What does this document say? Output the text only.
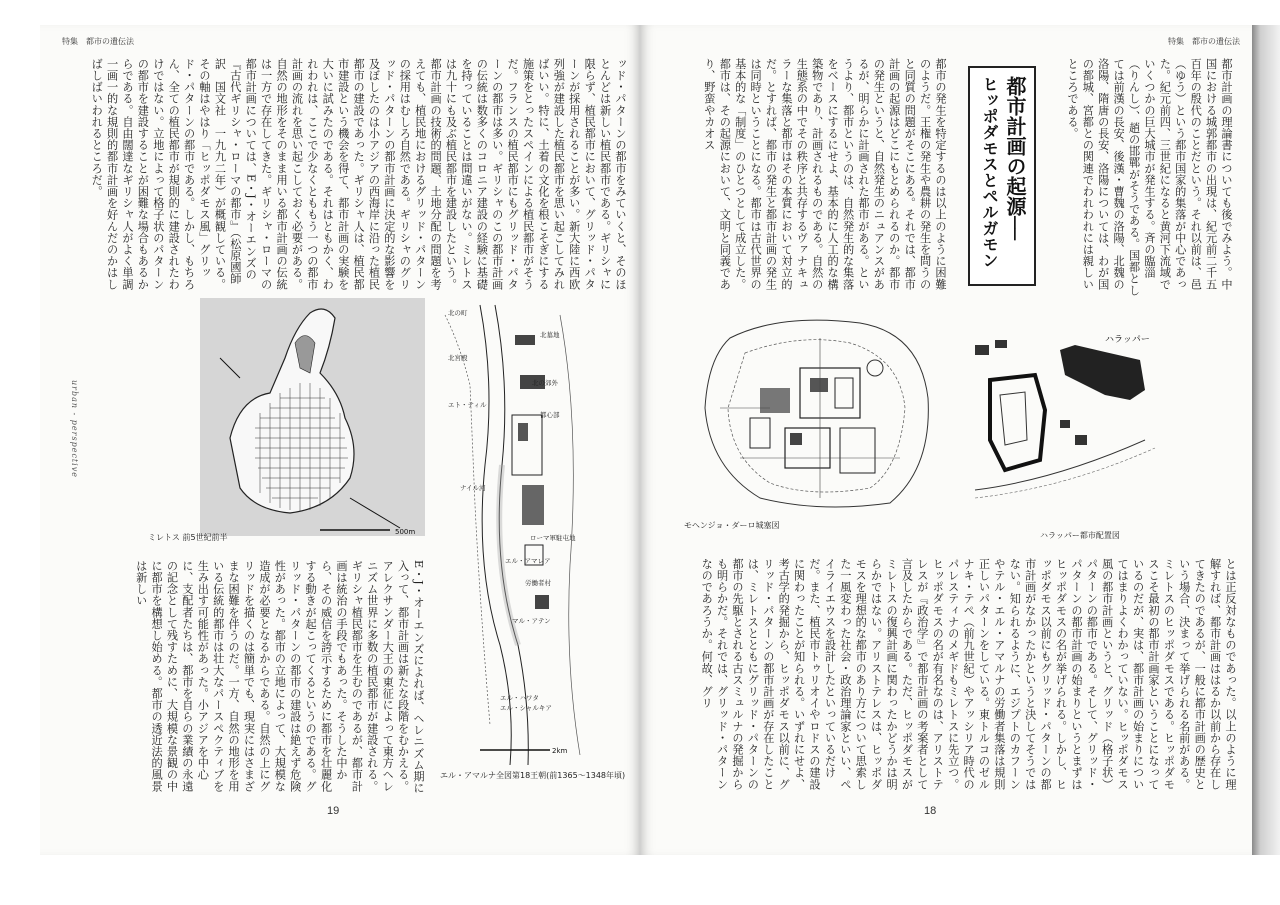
特集　都市の遺伝法	特集　都市の遺伝法
19	18
urban - perspective
都市計画の理論書についても後でみよう。中国における城郭都市の出現は、紀元前二千五百年の殷代のことだという。それ以前は、邑（ゆう）という都市国家的集落が中心であった。紀元前四、三世紀になると黄河下流域でいくつかの巨大城市が発生する。斉の臨淄（りんし）、趙の邯鄲がそうである。国都としては前漢の長安、後漢・曹魏の洛陽、北魏の洛陽、隋唐の長安、洛陽については、わが国の都城、宮都との関連でわれわれには親しいところである。
都市計画の起源──
ヒッポダモスとペルガモン
都市の発生を特定するのは以上のように困難のようだ。王権の発生や農耕の発生を問うのと同質の問題がそこにある。それでは、都市計画の起源はどこにもとめられるのか。都市の発生というと、自然発生のニュアンスがあるが、明らかに計画された都市がある。というより、都市というのは、自然発生的な集落をベースにするにせよ、基本的に人工的な構築物であり、計画されるものである。自然の生態系の中でその秩序と共存するヴァナキュラーな集落と都市はその本質において対立的だ。とすれば、都市の発生と都市計画の発生は同時ということになる。都市は古代世界の基本的な「制度」のひとつとして成立した。都市は、その起源において、文明と同義であり、野蛮やカオス
モヘンジョ・ダーロ城塞図
ハラッパー
ハラッパー都市配置図
とは正反対なものであった。以上のように理解すれば、都市計画ははるか以前から存在してきたのであるが、一般に都市計画の歴史という場合、決まって挙げられる名前がある。ミレトスのヒッポダモスである。ヒッポダモスこそ最初の都市計画家ということになっているのだが、実は、都市計画の始まりについてはまりよくわかっていない。ヒッポダモス風の都市計画というと、グリッド（格子状）パターンの都市である。そして、グリッド・パターンの都市計画の始まりというとまずはヒッポダモスの名が挙げられる。しかし、ヒッポダモス以前にもグリッド・パターンの都市計画がなかったかというと決してそうではない。知られるように、エジプトのカフーンやテル・エル・アマルナの労働者集落は規則正しいパターンをしている。東トルコのゼルナキ・テペ（前九世紀）やアッシリア時代のパレスティナのメギドもミレトスに先立つ。ヒッポダモスの名が有名なのは、アリストテレスが『政治学』で都市計画の考案者として言及したからである。ただ、ヒッポダモスがミレトスの復興計画に関わったかどうかは明らかではない。アリストテレスは、ヒッポダモスを理想的な都市のあり方について思索した一風変わった社会・政治理論家といい、ペイライエウスを設計したといっているだけだ。また、植民市トゥリオイやロドスの建設に関わったことが知られる。いずれにせよ、考古学的発掘から、ヒッポダモス以前に、グリッド・パターンの都市計画が存在したことは、ミレトスとともにグリッド・パターンの都市の先駆とされる古スミュルナの発掘からも明らかだ。それでは、グリッド・パターンなのであろうか。何故、グリ
ッド・パターンの都市をみていくと、そのほとんどは新しい植民都市である。ギリシャに限らず、植民都市において、グリッド・パターンが採用されることが多い。新大陸に西欧列強が建設した植民都市を思い起こしてみればいい。特に、土着の文化を根こそぎにする施策をとったスペインによる植民都市がそうだ。フランスの植民都市にもグリッド・パターンの都市は多い。ギリシャのこの都市計画の伝統は数多くのコロニア建設の経験に基礎を持っていることは間違いがない。ミレトスは九十にも及ぶ植民都市を建設したという。都市計画の技術的問題、土地分配の問題を考えても、植民地におけるグリッド・パターンの採用はむしろ自然である。ギリシャのグリッド・パターンの都市計画に決定的な影響を及ぼしたのは小アジアの西海岸に沿った植民都市の建設であった。ギリシャ人は、植民都市建設という機会を得て、都市計画の実験を大いに試みたのである。それはともかく、われわれは、ここで少なくとももう一つの都市計画の流れを思い起こしておく必要がある。自然の地形をそのまま用いる都市計画の伝統は一方で存在してきた。ギリシャ・ローマの都市計画については、E・J・オーエンズの『古代ギリシャ・ローマの都市』（松原國師訳　国文社　一九九二年）が概観している。その軸はやはり「ヒッポダモス風」グリッド・パターンの都市である。しかし、もちろん、全ての植民都市が規則的に建設されたわけではない。立地によって格子状のパターンの都市を建設することが困難な場合もあるからである。自由闊達なギリシャ人がよく単調一画一的な規則的都市計画を好んだのかはしばしばいわれるところだ。
500m
ミレトス 前5世紀前半
北の町
北墓地
北宮殿
北の郊外
エト・ティル
都心部
ナイル河
ローマ軍駐屯地
エル・アマレア
労働者村
マル・アテン
エル・ハワタ
エル・シャルキア
2km
エル・アマルナ全図第18王朝(前1365〜1348年頃)
E・J・オーエンズによれば、ヘレニズム期に入って、都市計画は新たな段階をむかえる。アレクサンダー大王の東征によって東方ヘレニズム世界に多数の植民都市が建設される。ギリシャ植民都市を生むのであるが、都市計画は統治の手段でもあった。そうした中から、その威信を誇示するために都市を壮麗化する動きが起こってくるというのである。グリッド・パターンの都市の建設は絶えず危険性があった。都市の立地によって、大規模な造成が必要となるからである。自然の上にグリッドを描くのは簡単でも、現実にはさまざまな困難を伴うのだ。一方、自然の地形を用いる伝統的都市は壮大なパースペクティブを生み出す可能性があった。小アジアを中心に、支配者たちは、都市を自らの業績の永遠の記念として残すために、大規模な景観の中に都市を構想し始める。都市の透近法的風景は新しい
